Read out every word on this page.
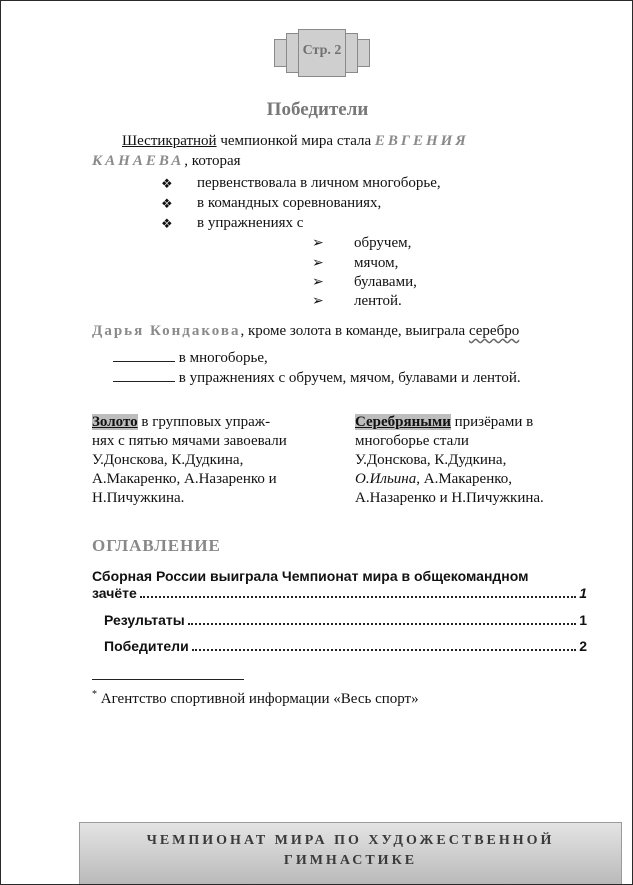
Стр. 2
Победители
Шестикратной чемпионкой мира стала ЕВГЕНИЯ
КАНАЕВА, которая
❖ первенствовала в личном многоборье,
❖ в командных соревнованиях,
❖ в упражнениях с
➢ обручем,
➢ мячом,
➢ булавами,
➢ лентой.
Дарья Кондакова, кроме золота в команде, выиграла серебро
в многоборье,
в упражнениях с обручем, мячом, булавами и лентой.
Золото в групповых упраж-
нях с пятью мячами завоевали
У.Донскова, К.Дудкина,
А.Макаренко, А.Назаренко и
Н.Пичужкина.
Серебряными призёрами в
многоборье стали
У.Донскова, К.Дудкина,
О.Ильина, А.Макаренко,
А.Назаренко и Н.Пичужкина.
ОГЛАВЛЕНИЕ
Сборная России выиграла Чемпионат мира в общекомандном
зачёте	1
Результаты	1
Победители	2
* Агентство спортивной информации «Весь спорт»
ЧЕМПИОНАТ МИРА ПО ХУДОЖЕСТВЕННОЙ
ГИМНАСТИКЕ
